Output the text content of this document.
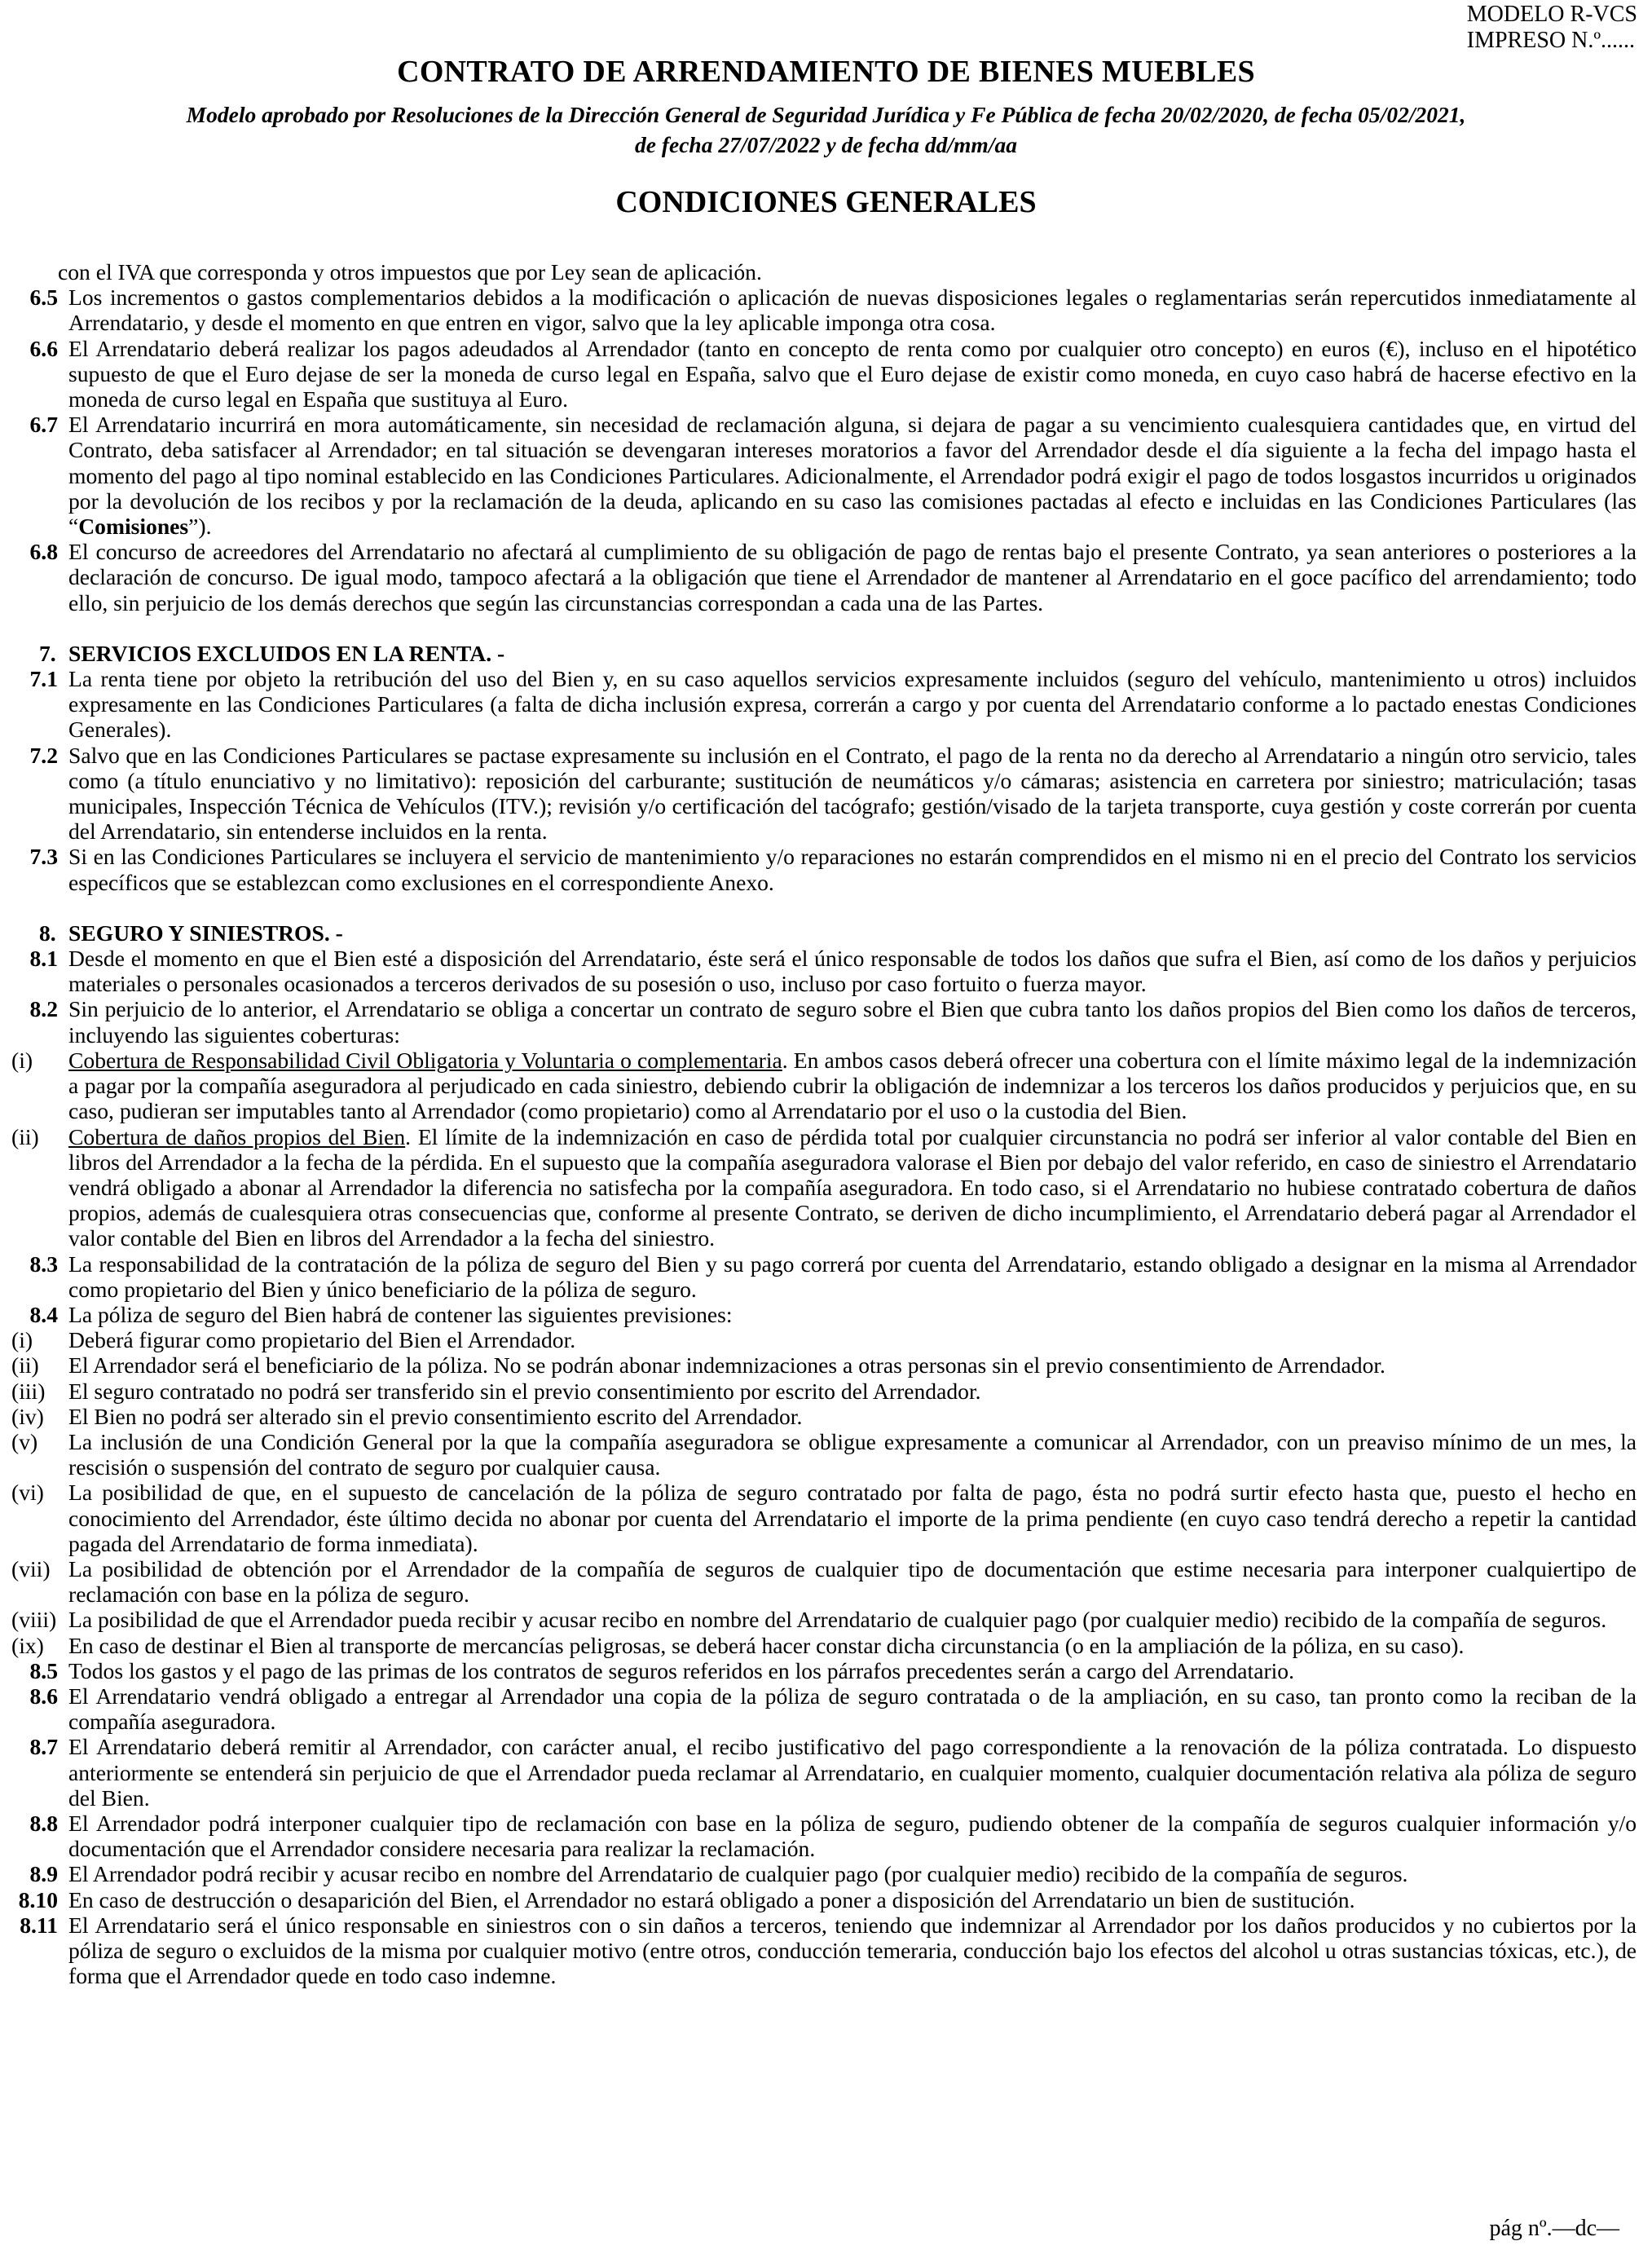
MODELO R-VCS
IMPRESO N.º......
CONTRATO DE ARRENDAMIENTO DE BIENES MUEBLES
Modelo aprobado por Resoluciones de la Dirección General de Seguridad Jurídica y Fe Pública de fecha 20/02/2020, de fecha 05/02/2021,
de fecha 27/07/2022 y de fecha dd/mm/aa
CONDICIONES GENERALES
con el IVA que corresponda y otros impuestos que por Ley sean de aplicación.
6.5 Los incrementos o gastos complementarios debidos a la modificación o aplicación de nuevas disposiciones legales o reglamentarias serán repercutidos inmediatamente al Arrendatario, y desde el momento en que entren en vigor, salvo que la ley aplicable imponga otra cosa.
6.6 El Arrendatario deberá realizar los pagos adeudados al Arrendador (tanto en concepto de renta como por cualquier otro concepto) en euros (€), incluso en el hipotético supuesto de que el Euro dejase de ser la moneda de curso legal en España, salvo que el Euro dejase de existir como moneda, en cuyo caso habrá de hacerse efectivo en la moneda de curso legal en España que sustituya al Euro.
6.7 El Arrendatario incurrirá en mora automáticamente, sin necesidad de reclamación alguna, si dejara de pagar a su vencimiento cualesquiera cantidades que, en virtud del Contrato, deba satisfacer al Arrendador; en tal situación se devengaran intereses moratorios a favor del Arrendador desde el día siguiente a la fecha del impago hasta el momento del pago al tipo nominal establecido en las Condiciones Particulares. Adicionalmente, el Arrendador podrá exigir el pago de todos losgastos incurridos u originados por la devolución de los recibos y por la reclamación de la deuda, aplicando en su caso las comisiones pactadas al efecto e incluidas en las Condiciones Particulares (las “Comisiones”).
6.8 El concurso de acreedores del Arrendatario no afectará al cumplimiento de su obligación de pago de rentas bajo el presente Contrato, ya sean anteriores o posteriores a la declaración de concurso. De igual modo, tampoco afectará a la obligación que tiene el Arrendador de mantener al Arrendatario en el goce pacífico del arrendamiento; todo ello, sin perjuicio de los demás derechos que según las circunstancias correspondan a cada una de las Partes.
7. SERVICIOS EXCLUIDOS EN LA RENTA. -
7.1 La renta tiene por objeto la retribución del uso del Bien y, en su caso aquellos servicios expresamente incluidos (seguro del vehículo, mantenimiento u otros) incluidos expresamente en las Condiciones Particulares (a falta de dicha inclusión expresa, correrán a cargo y por cuenta del Arrendatario conforme a lo pactado enestas Condiciones Generales).
7.2 Salvo que en las Condiciones Particulares se pactase expresamente su inclusión en el Contrato, el pago de la renta no da derecho al Arrendatario a ningún otro servicio, tales como (a título enunciativo y no limitativo): reposición del carburante; sustitución de neumáticos y/o cámaras; asistencia en carretera por siniestro; matriculación; tasas municipales, Inspección Técnica de Vehículos (ITV.); revisión y/o certificación del tacógrafo; gestión/visado de la tarjeta transporte, cuya gestión y coste correrán por cuenta del Arrendatario, sin entenderse incluidos en la renta.
7.3 Si en las Condiciones Particulares se incluyera el servicio de mantenimiento y/o reparaciones no estarán comprendidos en el mismo ni en el precio del Contrato los servicios específicos que se establezcan como exclusiones en el correspondiente Anexo.
8. SEGURO Y SINIESTROS. -
8.1 Desde el momento en que el Bien esté a disposición del Arrendatario, éste será el único responsable de todos los daños que sufra el Bien, así como de los daños y perjuicios materiales o personales ocasionados a terceros derivados de su posesión o uso, incluso por caso fortuito o fuerza mayor.
8.2 Sin perjuicio de lo anterior, el Arrendatario se obliga a concertar un contrato de seguro sobre el Bien que cubra tanto los daños propios del Bien como los daños de terceros, incluyendo las siguientes coberturas:
(i)	Cobertura de Responsabilidad Civil Obligatoria y Voluntaria o complementaria. En ambos casos deberá ofrecer una cobertura con el límite máximo legal de la indemnización a pagar por la compañía aseguradora al perjudicado en cada siniestro, debiendo cubrir la obligación de indemnizar a los terceros los daños producidos y perjuicios que, en su caso, pudieran ser imputables tanto al Arrendador (como propietario) como al Arrendatario por el uso o la custodia del Bien.
(ii)	Cobertura de daños propios del Bien. El límite de la indemnización en caso de pérdida total por cualquier circunstancia no podrá ser inferior al valor contable del Bien en libros del Arrendador a la fecha de la pérdida. En el supuesto que la compañía aseguradora valorase el Bien por debajo del valor referido, en caso de siniestro el Arrendatario vendrá obligado a abonar al Arrendador la diferencia no satisfecha por la compañía aseguradora. En todo caso, si el Arrendatario no hubiese contratado cobertura de daños propios, además de cualesquiera otras consecuencias que, conforme al presente Contrato, se deriven de dicho incumplimiento, el Arrendatario deberá pagar al Arrendador el valor contable del Bien en libros del Arrendador a la fecha del siniestro.
8.3 La responsabilidad de la contratación de la póliza de seguro del Bien y su pago correrá por cuenta del Arrendatario, estando obligado a designar en la misma al Arrendador como propietario del Bien y único beneficiario de la póliza de seguro.
8.4 La póliza de seguro del Bien habrá de contener las siguientes previsiones:
(i)	Deberá figurar como propietario del Bien el Arrendador.
(ii)	El Arrendador será el beneficiario de la póliza. No se podrán abonar indemnizaciones a otras personas sin el previo consentimiento de Arrendador.
(iii)	El seguro contratado no podrá ser transferido sin el previo consentimiento por escrito del Arrendador.
(iv)	El Bien no podrá ser alterado sin el previo consentimiento escrito del Arrendador.
(v)	La inclusión de una Condición General por la que la compañía aseguradora se obligue expresamente a comunicar al Arrendador, con un preaviso mínimo de un mes, la rescisión o suspensión del contrato de seguro por cualquier causa.
(vi)	La posibilidad de que, en el supuesto de cancelación de la póliza de seguro contratado por falta de pago, ésta no podrá surtir efecto hasta que, puesto el hecho en conocimiento del Arrendador, éste último decida no abonar por cuenta del Arrendatario el importe de la prima pendiente (en cuyo caso tendrá derecho a repetir la cantidad pagada del Arrendatario de forma inmediata).
(vii) La posibilidad de obtención por el Arrendador de la compañía de seguros de cualquier tipo de documentación que estime necesaria para interponer cualquiertipo de reclamación con base en la póliza de seguro.
(viii) La posibilidad de que el Arrendador pueda recibir y acusar recibo en nombre del Arrendatario de cualquier pago (por cualquier medio) recibido de la compañía de seguros.
(ix)	En caso de destinar el Bien al transporte de mercancías peligrosas, se deberá hacer constar dicha circunstancia (o en la ampliación de la póliza, en su caso).
8.5 Todos los gastos y el pago de las primas de los contratos de seguros referidos en los párrafos precedentes serán a cargo del Arrendatario.
8.6 El Arrendatario vendrá obligado a entregar al Arrendador una copia de la póliza de seguro contratada o de la ampliación, en su caso, tan pronto como la reciban de la compañía aseguradora.
8.7 El Arrendatario deberá remitir al Arrendador, con carácter anual, el recibo justificativo del pago correspondiente a la renovación de la póliza contratada. Lo dispuesto anteriormente se entenderá sin perjuicio de que el Arrendador pueda reclamar al Arrendatario, en cualquier momento, cualquier documentación relativa ala póliza de seguro del Bien.
8.8 El Arrendador podrá interponer cualquier tipo de reclamación con base en la póliza de seguro, pudiendo obtener de la compañía de seguros cualquier información y/o documentación que el Arrendador considere necesaria para realizar la reclamación.
8.9 El Arrendador podrá recibir y acusar recibo en nombre del Arrendatario de cualquier pago (por cualquier medio) recibido de la compañía de seguros.
8.10 En caso de destrucción o desaparición del Bien, el Arrendador no estará obligado a poner a disposición del Arrendatario un bien de sustitución.
8.11 El Arrendatario será el único responsable en siniestros con o sin daños a terceros, teniendo que indemnizar al Arrendador por los daños producidos y no cubiertos por la póliza de seguro o excluidos de la misma por cualquier motivo (entre otros, conducción temeraria, conducción bajo los efectos del alcohol u otras sustancias tóxicas, etc.), de forma que el Arrendador quede en todo caso indemne.
pág nº.—dc—
